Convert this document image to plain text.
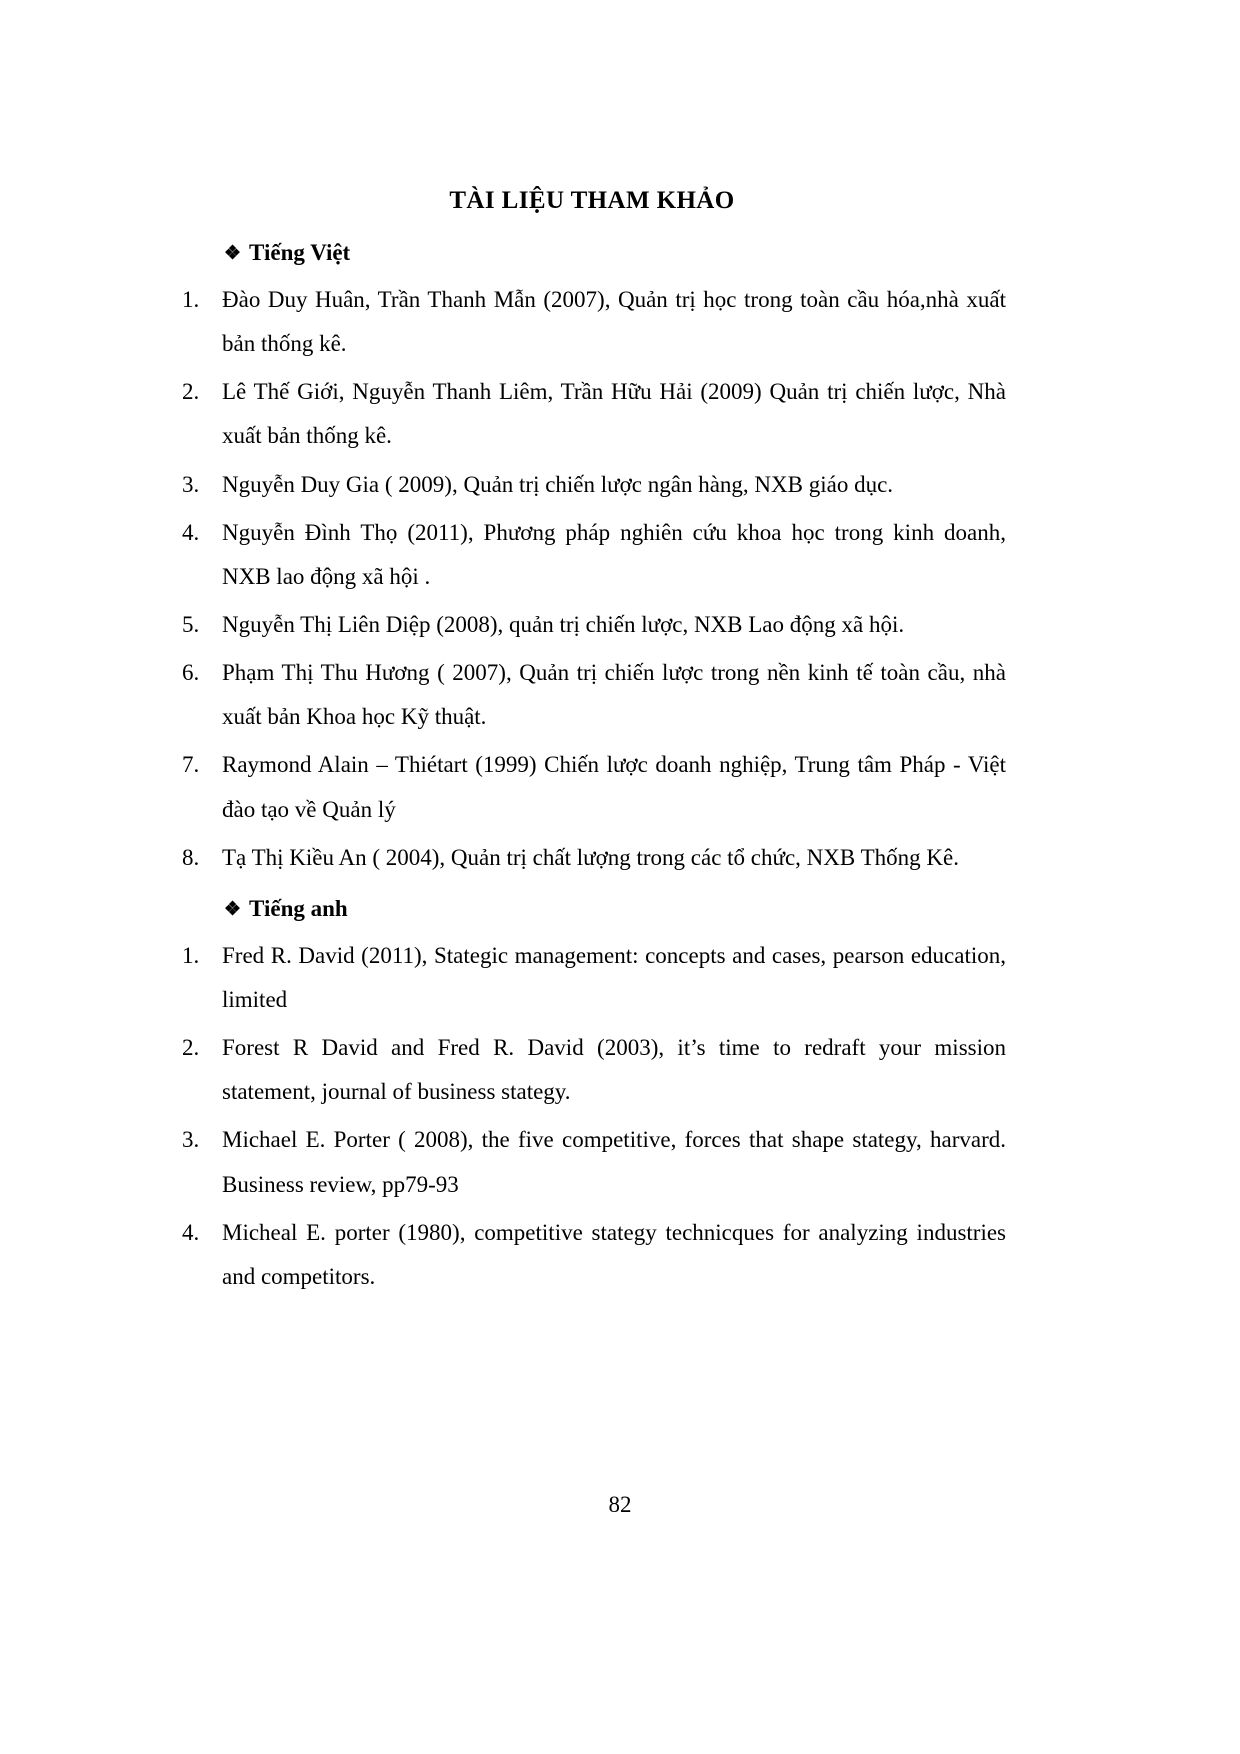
TÀI LIỆU THAM KHẢO
❖ Tiếng Việt
1. Đào Duy Huân, Trần Thanh Mẫn (2007), Quản trị học trong toàn cầu hóa,nhà xuất bản thống kê.
2. Lê Thế Giới, Nguyễn Thanh Liêm, Trần Hữu Hải (2009) Quản trị chiến lược, Nhà xuất bản thống kê.
3. Nguyễn Duy Gia ( 2009), Quản trị chiến lược ngân hàng, NXB giáo dục.
4. Nguyễn Đình Thọ (2011), Phương pháp nghiên cứu khoa học trong kinh doanh, NXB lao động xã hội .
5. Nguyễn Thị Liên Diệp (2008), quản trị chiến lược, NXB Lao động xã hội.
6. Phạm Thị Thu Hương ( 2007), Quản trị chiến lược trong nền kinh tế toàn cầu, nhà xuất bản Khoa học Kỹ thuật.
7. Raymond Alain – Thiétart (1999) Chiến lược doanh nghiệp, Trung tâm Pháp - Việt đào tạo về Quản lý
8. Tạ Thị Kiều An ( 2004), Quản trị chất lượng trong các tổ chức, NXB Thống Kê.
❖ Tiếng anh
1. Fred R. David (2011), Stategic management: concepts and cases, pearson education, limited
2. Forest R David and Fred R. David (2003), it’s time to redraft your mission statement, journal of business stategy.
3. Michael E. Porter ( 2008), the five competitive, forces that shape stategy, harvard. Business review, pp79-93
4. Micheal E. porter (1980), competitive stategy technicques for analyzing industries and competitors.
82
